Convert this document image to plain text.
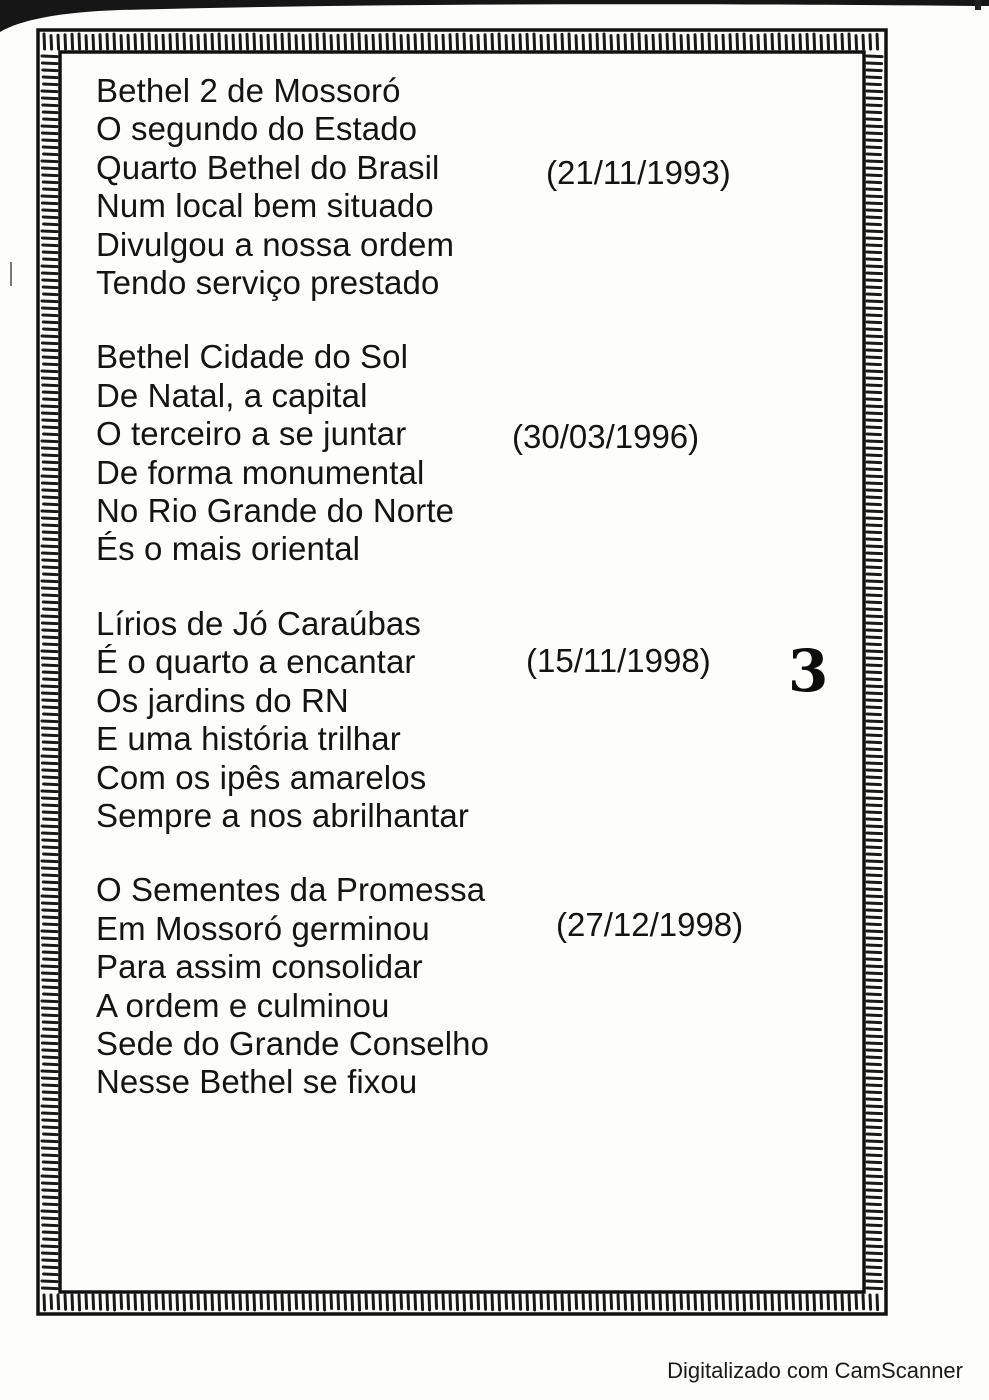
Bethel 2 de Mossoró
O segundo do Estado
Quarto Bethel do Brasil
Num local bem situado
Divulgou a nossa ordem
Tendo serviço prestado
Bethel Cidade do Sol
De Natal, a capital
O terceiro a se juntar
De forma monumental
No Rio Grande do Norte
És o mais oriental
Lírios de Jó Caraúbas
É o quarto a encantar
Os jardins do RN
E uma história trilhar
Com os ipês amarelos
Sempre a nos abrilhantar
O Sementes da Promessa
Em Mossoró germinou
Para assim consolidar
A ordem e culminou
Sede do Grande Conselho
Nesse Bethel se fixou
(21/11/1993)
(30/03/1996)
(15/11/1998)
(27/12/1998)
3
Digitalizado com CamScanner
